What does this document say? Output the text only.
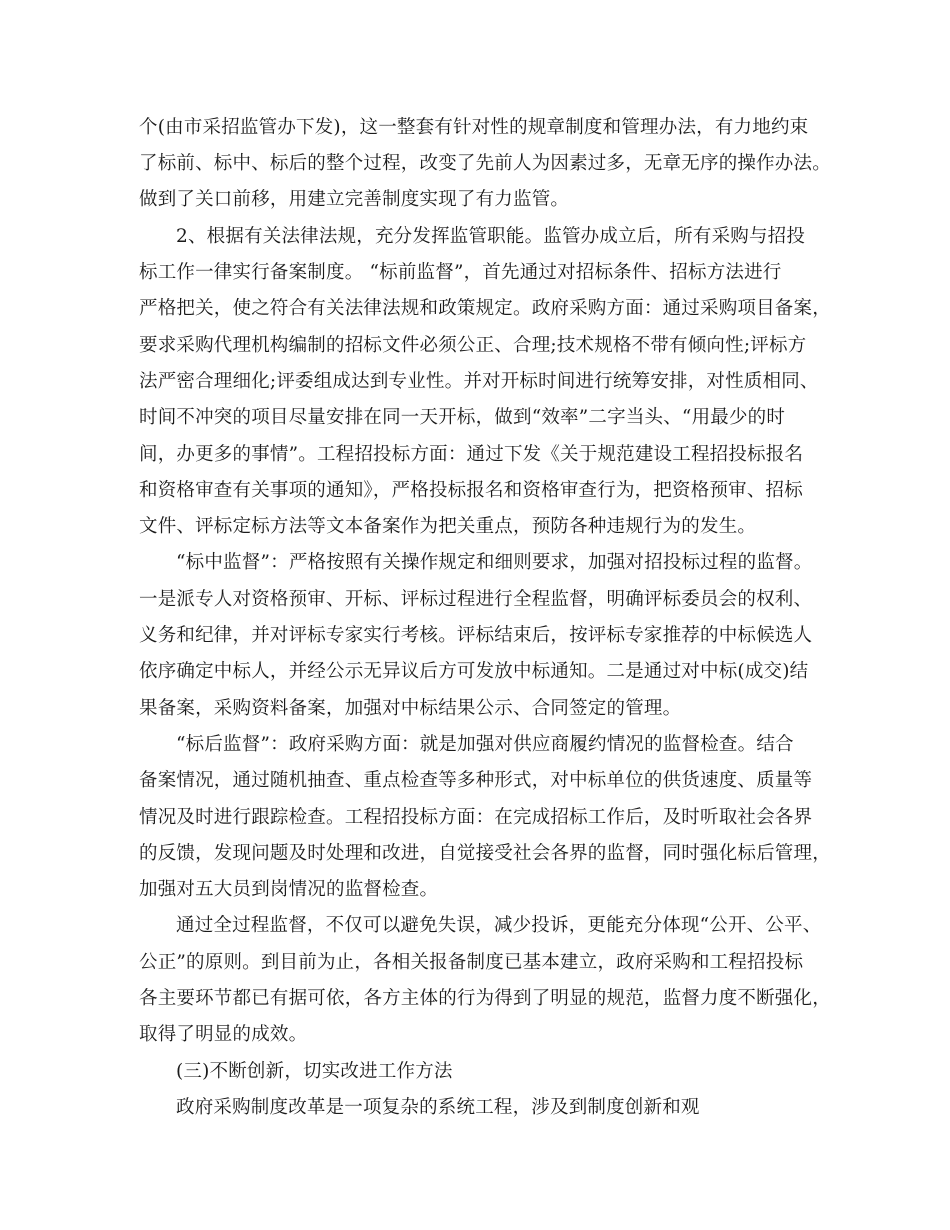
个(由市采招监管办下发)，这一整套有针对性的规章制度和管理办法，有力地约束
了标前、标中、标后的整个过程，改变了先前人为因素过多，无章无序的操作办法。
做到了关口前移，用建立完善制度实现了有力监管。
2、根据有关法律法规，充分发挥监管职能。监管办成立后，所有采购与招投
标工作一律实行备案制度。 “标前监督”，首先通过对招标条件、招标方法进行
严格把关，使之符合有关法律法规和政策规定。政府采购方面：通过采购项目备案，
要求采购代理机构编制的招标文件必须公正、合理;技术规格不带有倾向性;评标方
法严密合理细化;评委组成达到专业性。并对开标时间进行统筹安排，对性质相同、
时间不冲突的项目尽量安排在同一天开标，做到“效率”二字当头、“用最少的时
间，办更多的事情”。工程招投标方面：通过下发《关于规范建设工程招投标报名
和资格审查有关事项的通知》，严格投标报名和资格审查行为，把资格预审、招标
文件、评标定标方法等文本备案作为把关重点，预防各种违规行为的发生。
“标中监督”：严格按照有关操作规定和细则要求，加强对招投标过程的监督。
一是派专人对资格预审、开标、评标过程进行全程监督，明确评标委员会的权利、
义务和纪律，并对评标专家实行考核。评标结束后，按评标专家推荐的中标候选人
依序确定中标人，并经公示无异议后方可发放中标通知。二是通过对中标(成交)结
果备案，采购资料备案，加强对中标结果公示、合同签定的管理。
“标后监督”：政府采购方面：就是加强对供应商履约情况的监督检查。结合
备案情况，通过随机抽查、重点检查等多种形式，对中标单位的供货速度、质量等
情况及时进行跟踪检查。工程招投标方面：在完成招标工作后，及时听取社会各界
的反馈，发现问题及时处理和改进，自觉接受社会各界的监督，同时强化标后管理，
加强对五大员到岗情况的监督检查。
通过全过程监督，不仅可以避免失误，减少投诉，更能充分体现“公开、公平、
公正”的原则。到目前为止，各相关报备制度已基本建立，政府采购和工程招投标
各主要环节都已有据可依，各方主体的行为得到了明显的规范，监督力度不断强化，
取得了明显的成效。
(三)不断创新，切实改进工作方法
政府采购制度改革是一项复杂的系统工程，涉及到制度创新和观
